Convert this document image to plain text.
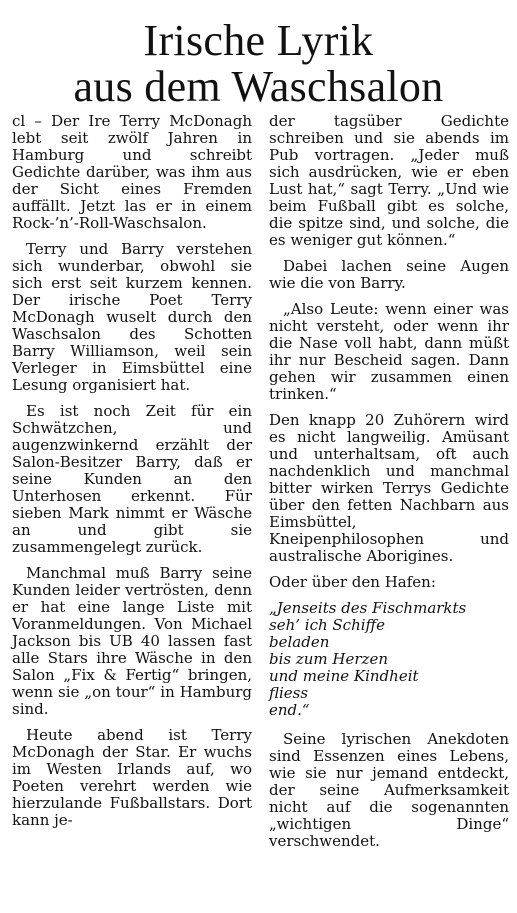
Irische Lyrik
aus dem Waschsalon

cl – Der Ire Terry McDonagh lebt seit zwölf Jahren in Hamburg und schreibt Gedichte darüber, was ihm aus der Sicht eines Fremden auffällt. Jetzt las er in einem Rock-’n’-Roll-Waschsalon.

Terry und Barry verstehen sich wunderbar, obwohl sie sich erst seit kurzem kennen. Der irische Poet Terry McDonagh wuselt durch den Waschsalon des Schotten Barry Williamson, weil sein Verleger in Eimsbüttel eine Lesung organisiert hat.

Es ist noch Zeit für ein Schwätzchen, und augenzwinkernd erzählt der Salon-Besitzer Barry, daß er seine Kunden an den Unterhosen erkennt. Für sieben Mark nimmt er Wäsche an und gibt sie zusammengelegt zurück.

Manchmal muß Barry seine Kunden leider vertrösten, denn er hat eine lange Liste mit Voranmeldungen. Von Michael Jackson bis UB 40 lassen fast alle Stars ihre Wäsche in den Salon „Fix & Fertig“ bringen, wenn sie „on tour“ in Hamburg sind.

Heute abend ist Terry McDonagh der Star. Er wuchs im Westen Irlands auf, wo Poeten verehrt werden wie hierzulande Fußballstars. Dort kann je-

der tagsüber Gedichte schreiben und sie abends im Pub vortragen. „Jeder muß sich ausdrücken, wie er eben Lust hat,“ sagt Terry. „Und wie beim Fußball gibt es solche, die spitze sind, und solche, die es weniger gut können.“

Dabei lachen seine Augen wie die von Barry.

„Also Leute: wenn einer was nicht versteht, oder wenn ihr die Nase voll habt, dann müßt ihr nur Bescheid sagen. Dann gehen wir zusammen einen trinken.“

Den knapp 20 Zuhörern wird es nicht langweilig. Amüsant und unterhaltsam, oft auch nachdenklich und manchmal bitter wirken Terrys Gedichte über den fetten Nachbarn aus Eimsbüttel, Kneipenphilosophen und australische Aborigines.

Oder über den Hafen:

„Jenseits des Fischmarkts
seh’ ich Schiffe
beladen
bis zum Herzen
und meine Kindheit
fliess
end.“

Seine lyrischen Anekdoten sind Essenzen eines Lebens, wie sie nur jemand entdeckt, der seine Aufmerksamkeit nicht auf die sogenannten „wichtigen Dinge“ verschwendet.
